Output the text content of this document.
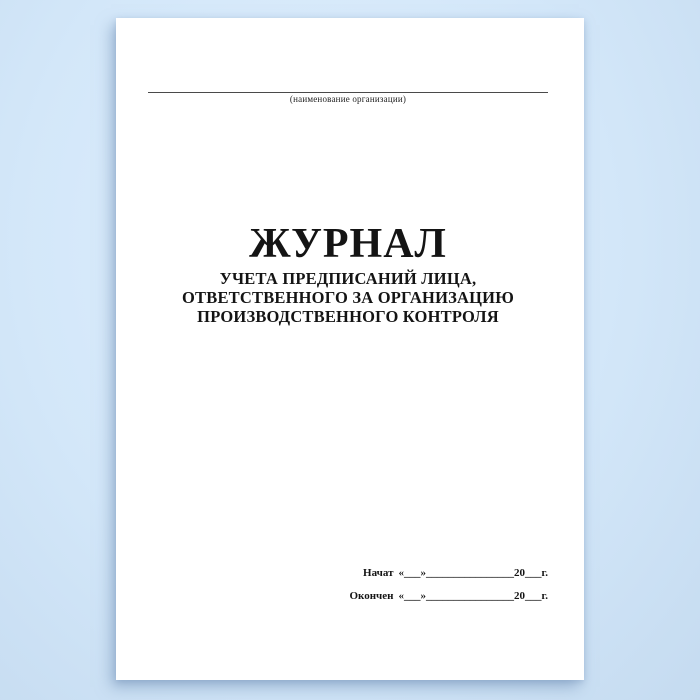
(наименование организации)
ЖУРНАЛ
УЧЕТА ПРЕДПИСАНИЙ ЛИЦА,
ОТВЕТСТВЕННОГО ЗА ОРГАНИЗАЦИЮ
ПРОИЗВОДСТВЕННОГО КОНТРОЛЯ
Начат «___»________________20___г.
Окончен «___»________________20___г.
